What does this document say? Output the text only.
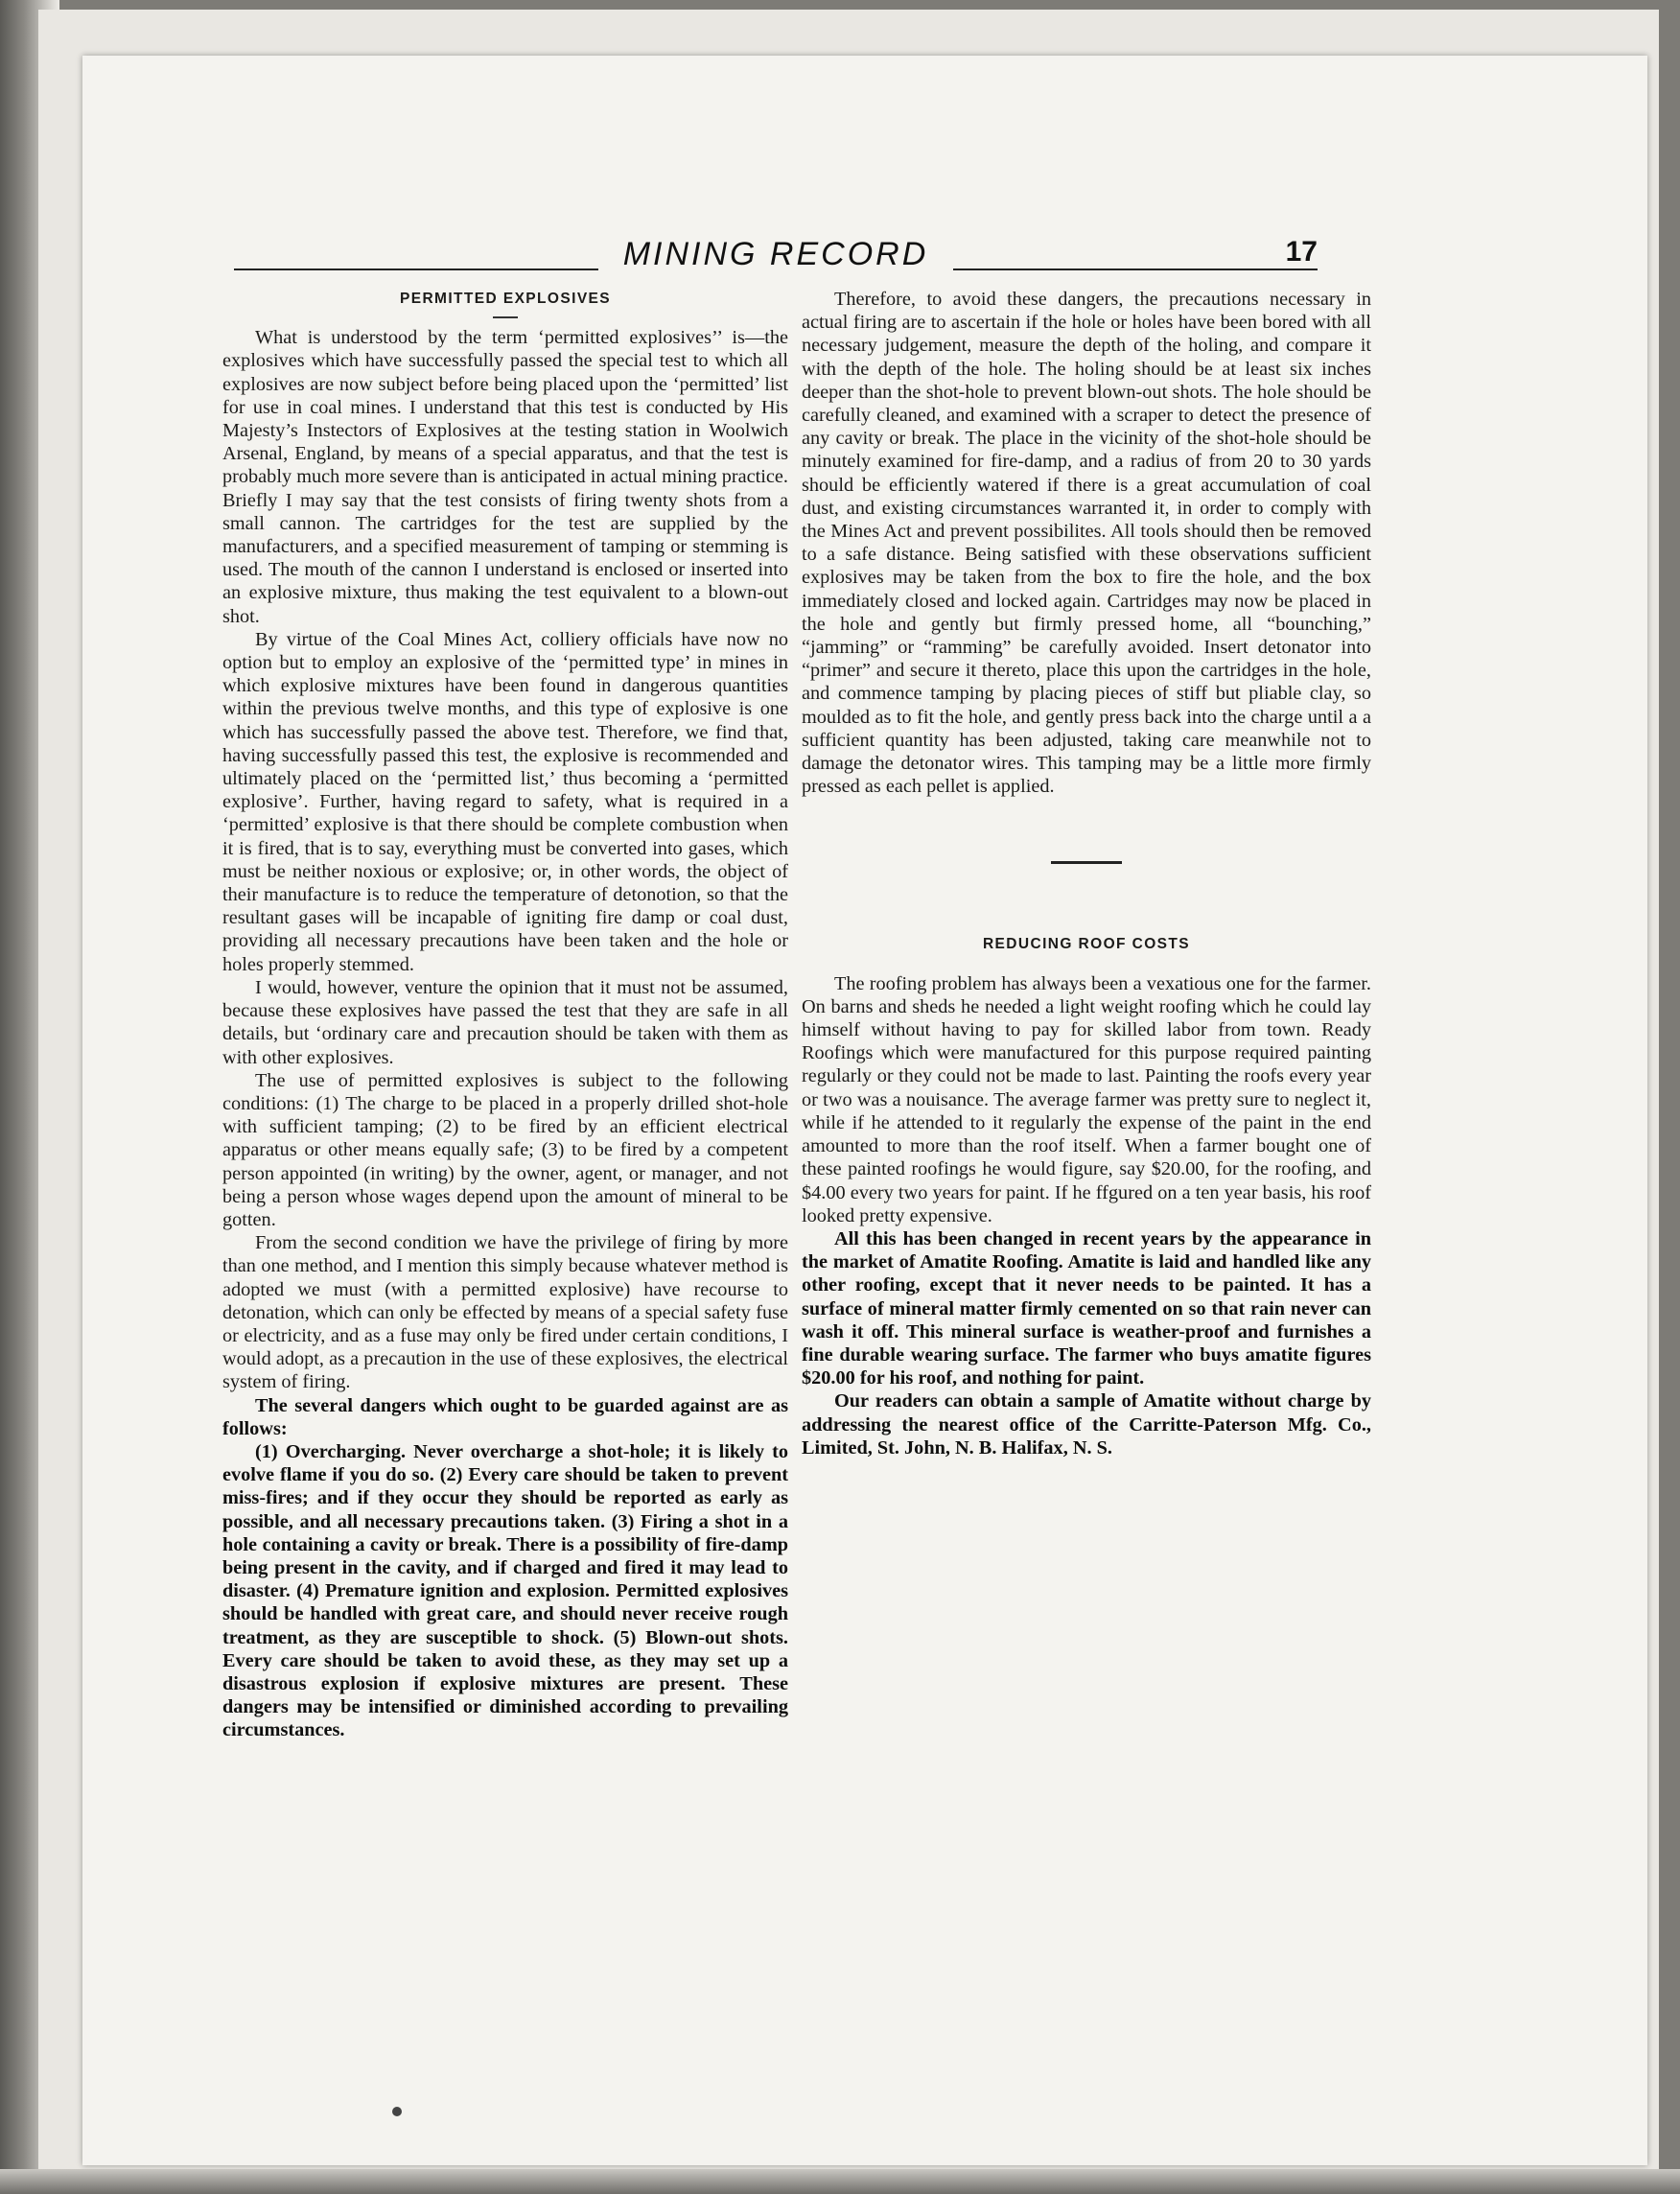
MINING RECORD	17
PERMITTED EXPLOSIVES

What is understood by the term ‘permitted explosives’’ is—the explosives which have successfully passed the special test to which all explosives are now subject before being placed upon the ‘permitted’ list for use in coal mines. I understand that this test is conducted by His Majesty’s Instectors of Explosives at the testing station in Woolwich Arsenal, England, by means of a special apparatus, and that the test is probably much more severe than is anticipated in actual mining practice. Briefly I may say that the test consists of firing twenty shots from a small cannon. The cartridges for the test are supplied by the manufacturers, and a specified measurement of tamping or stemming is used. The mouth of the cannon I understand is enclosed or inserted into an explosive mixture, thus making the test equivalent to a blown-out shot.

By virtue of the Coal Mines Act, colliery officials have now no option but to employ an explosive of the ‘permitted type’ in mines in which explosive mixtures have been found in dangerous quantities within the previous twelve months, and this type of explosive is one which has successfully passed the above test. Therefore, we find that, having successfully passed this test, the explosive is recommended and ultimately placed on the ‘permitted list,’ thus becoming a ‘permitted explosive’. Further, having regard to safety, what is required in a ‘permitted’ explosive is that there should be complete combustion when it is fired, that is to say, everything must be converted into gases, which must be neither noxious or explosive; or, in other words, the object of their manufacture is to reduce the temperature of detonotion, so that the resultant gases will be incapable of igniting fire damp or coal dust, providing all necessary precautions have been taken and the hole or holes properly stemmed.

I would, however, venture the opinion that it must not be assumed, because these explosives have passed the test that they are safe in all details, but ‘ordinary care and precaution should be taken with them as with other explosives.

The use of permitted explosives is subject to the following conditions: (1) The charge to be placed in a properly drilled shot-hole with sufficient tamping; (2) to be fired by an efficient electrical apparatus or other means equally safe; (3) to be fired by a competent person appointed (in writing) by the owner, agent, or manager, and not being a person whose wages depend upon the amount of mineral to be gotten.

From the second condition we have the privilege of firing by more than one method, and I mention this simply because whatever method is adopted we must (with a permitted explosive) have recourse to detonation, which can only be effected by means of a special safety fuse or electricity, and as a fuse may only be fired under certain conditions, I would adopt, as a precaution in the use of these explosives, the electrical system of firing.

The several dangers which ought to be guarded against are as follows:

(1) Overcharging. Never overcharge a shot-hole; it is likely to evolve flame if you do so. (2) Every care should be taken to prevent miss-fires; and if they occur they should be reported as early as possible, and all necessary precautions taken. (3) Firing a shot in a hole containing a cavity or break. There is a possibility of fire-damp being present in the cavity, and if charged and fired it may lead to disaster. (4) Premature ignition and explosion. Permitted explosives should be handled with great care, and should never receive rough treatment, as they are susceptible to shock. (5) Blown-out shots. Every care should be taken to avoid these, as they may set up a disastrous explosion if explosive mixtures are present. These dangers may be intensified or diminished according to prevailing circumstances.

Therefore, to avoid these dangers, the precautions necessary in actual firing are to ascertain if the hole or holes have been bored with all necessary judgement, measure the depth of the holing, and compare it with the depth of the hole. The holing should be at least six inches deeper than the shot-hole to prevent blown-out shots. The hole should be carefully cleaned, and examined with a scraper to detect the presence of any cavity or break. The place in the vicinity of the shot-hole should be minutely examined for fire-damp, and a radius of from 20 to 30 yards should be efficiently watered if there is a great accumulation of coal dust, and existing circumstances warranted it, in order to comply with the Mines Act and prevent possibilites. All tools should then be removed to a safe distance. Being satisfied with these observations sufficient explosives may be taken from the box to fire the hole, and the box immediately closed and locked again. Cartridges may now be placed in the hole and gently but firmly pressed home, all “bounching,” “jamming” or “ramming” be carefully avoided. Insert detonator into “primer” and secure it thereto, place this upon the cartridges in the hole, and commence tamping by placing pieces of stiff but pliable clay, so moulded as to fit the hole, and gently press back into the charge until a a sufficient quantity has been adjusted, taking care meanwhile not to damage the detonator wires. This tamping may be a little more firmly pressed as each pellet is applied.

REDUCING ROOF COSTS

The roofing problem has always been a vexatious one for the farmer. On barns and sheds he needed a light weight roofing which he could lay himself without having to pay for skilled labor from town. Ready Roofings which were manufactured for this purpose required painting regularly or they could not be made to last. Painting the roofs every year or two was a nouisance. The average farmer was pretty sure to neglect it, while if he attended to it regularly the expense of the paint in the end amounted to more than the roof itself. When a farmer bought one of these painted roofings he would figure, say $20.00, for the roofing, and $4.00 every two years for paint. If he ffgured on a ten year basis, his roof looked pretty expensive.

All this has been changed in recent years by the appearance in the market of Amatite Roofing. Amatite is laid and handled like any other roofing, except that it never needs to be painted. It has a surface of mineral matter firmly cemented on so that rain never can wash it off. This mineral surface is weather-proof and furnishes a fine durable wearing surface. The farmer who buys amatite figures $20.00 for his roof, and nothing for paint.

Our readers can obtain a sample of Amatite without charge by addressing the nearest office of the Carritte-Paterson Mfg. Co., Limited, St. John, N. B. Halifax, N. S.
